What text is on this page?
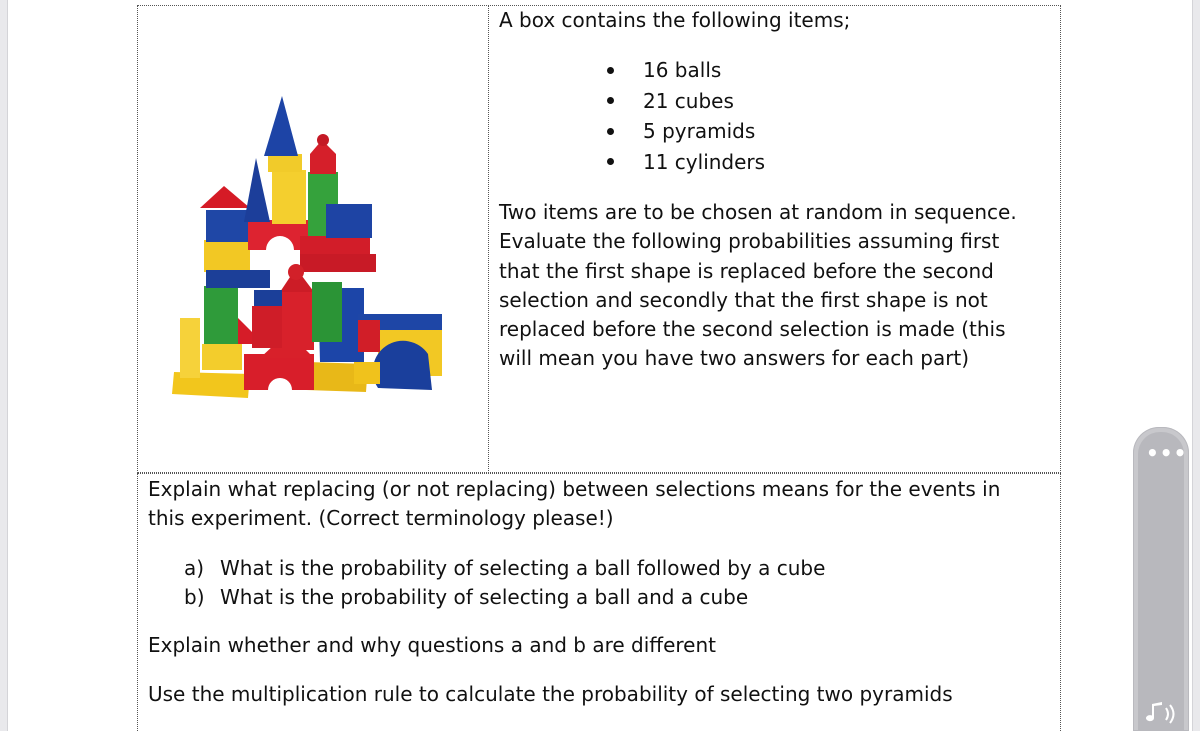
A box contains the following items;
16 balls
21 cubes
5 pyramids
11 cylinders
Two items are to be chosen at random in sequence.
Evaluate the following probabilities assuming first
that the first shape is replaced before the second
selection and secondly that the first shape is not
replaced before the second selection is made (this
will mean you have two answers for each part)
Explain what replacing (or not replacing) between selections means for the events in
this experiment. (Correct terminology please!)
a) What is the probability of selecting a ball followed by a cube
b) What is the probability of selecting a ball and a cube
Explain whether and why questions a and b are different
Use the multiplication rule to calculate the probability of selecting two pyramids
•••
